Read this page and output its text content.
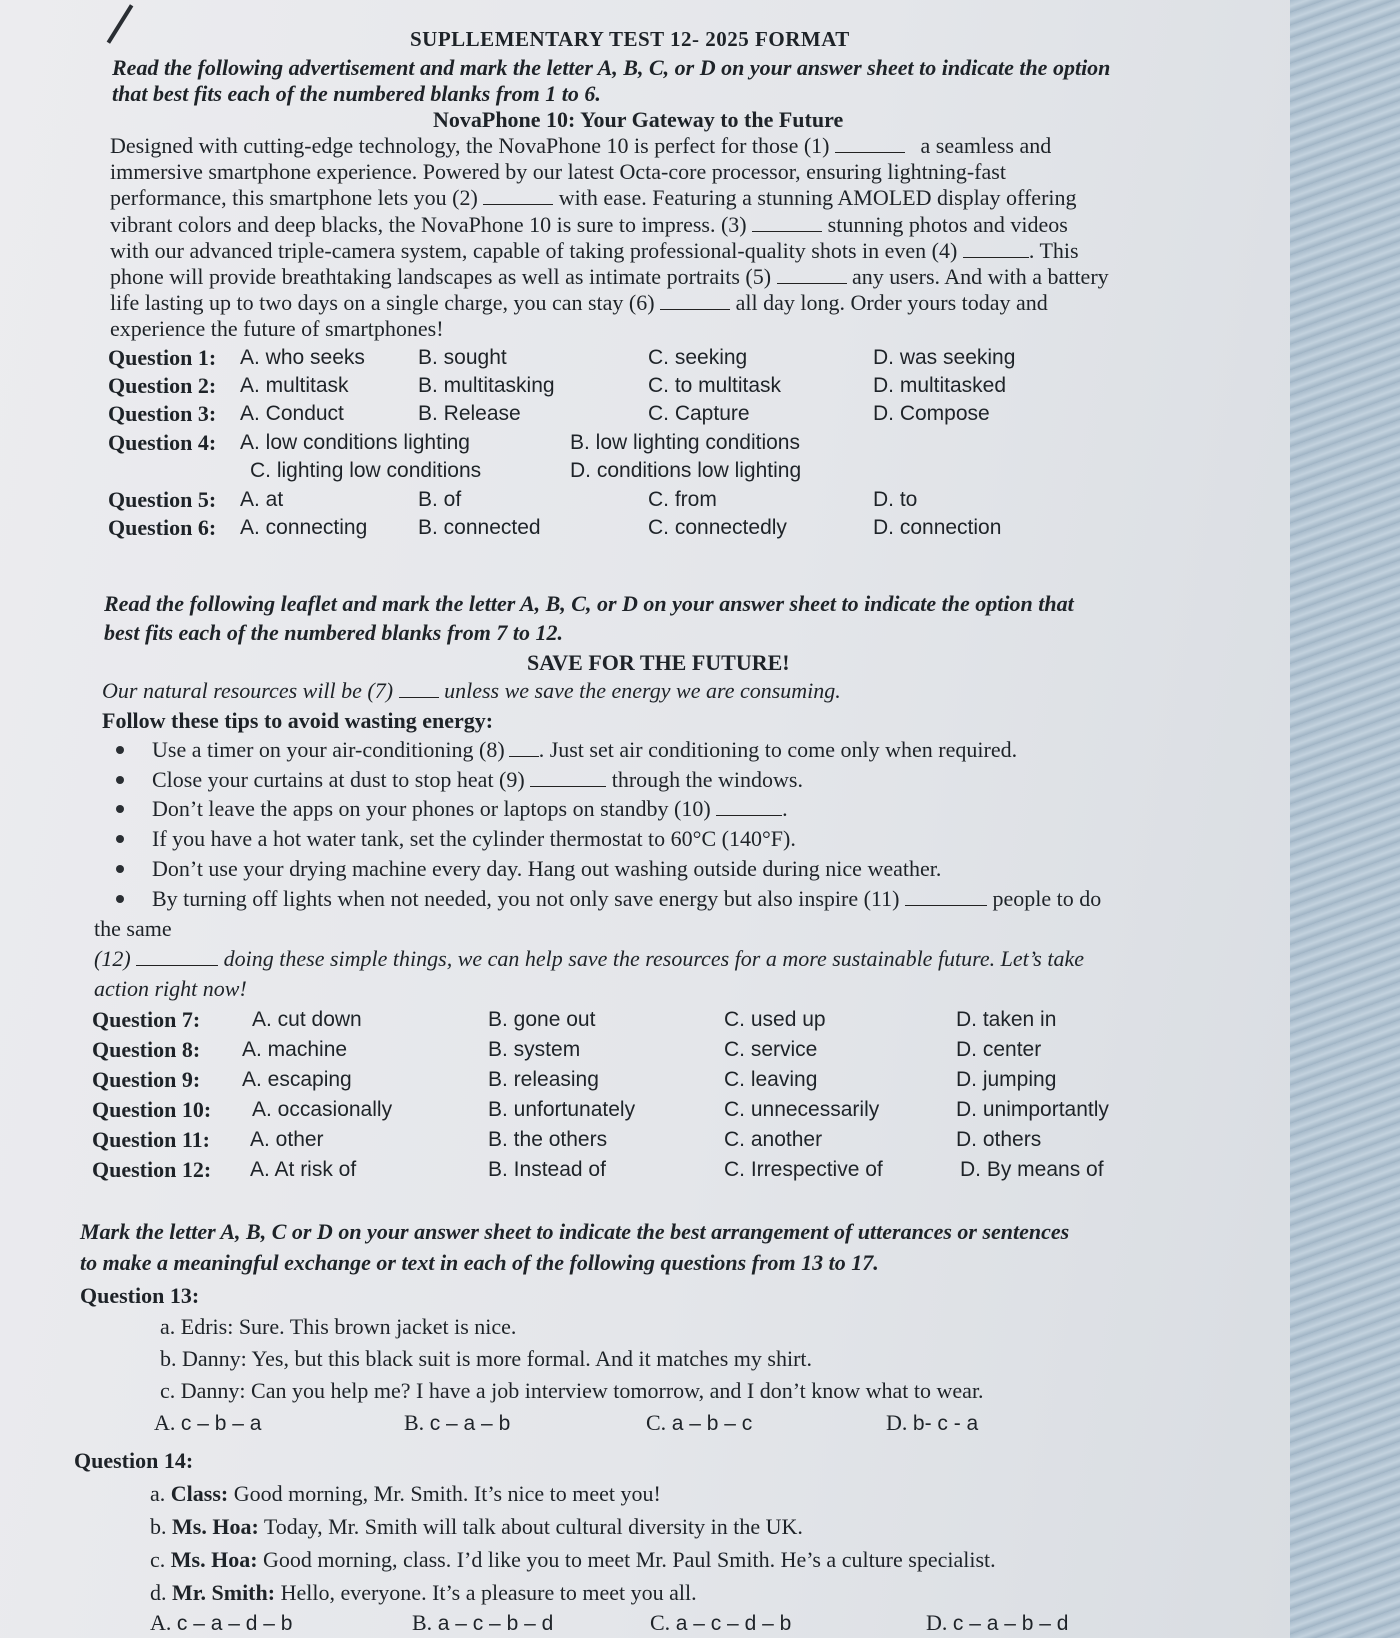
SUPLLEMENTARY TEST 12- 2025 FORMAT
Read the following advertisement and mark the letter A, B, C, or D on your answer sheet to indicate the option
that best fits each of the numbered blanks from 1 to 6.
NovaPhone 10: Your Gateway to the Future
Designed with cutting-edge technology, the NovaPhone 10 is perfect for those (1)	a seamless and
immersive smartphone experience. Powered by our latest Octa-core processor, ensuring lightning-fast
performance, this smartphone lets you (2)	with ease. Featuring a stunning AMOLED display offering
vibrant colors and deep blacks, the NovaPhone 10 is sure to impress. (3)	stunning photos and videos
with our advanced triple-camera system, capable of taking professional-quality shots in even (4)	. This
phone will provide breathtaking landscapes as well as intimate portraits (5)	any users. And with a battery
life lasting up to two days on a single charge, you can stay (6)	all day long. Order yours today and
experience the future of smartphones!
Question 1: A. who seeks	B. sought	C. seeking	D. was seeking
Question 2: A. multitask	B. multitasking	C. to multitask	D. multitasked
Question 3: A. Conduct	B. Release	C. Capture	D. Compose
Question 4: A. low conditions lighting	B. low lighting conditions
C. lighting low conditions	D. conditions low lighting
Question 5: A. at	B. of	C. from	D. to
Question 6: A. connecting B. connected	C. connectedly	D. connection
Read the following leaflet and mark the letter A, B, C, or D on your answer sheet to indicate the option that
best fits each of the numbered blanks from 7 to 12.
SAVE FOR THE FUTURE!
Our natural resources will be (7) unless we save the energy we are consuming.
Follow these tips to avoid wasting energy:
Use a timer on your air-conditioning (8) . Just set air conditioning to come only when required.
Close your curtains at dust to stop heat (9)	through the windows.
Don’t leave the apps on your phones or laptops on standby (10)	.
If you have a hot water tank, set the cylinder thermostat to 60°C (140°F).
Don’t use your drying machine every day. Hang out washing outside during nice weather.
By turning off lights when not needed, you not only save energy but also inspire (11)	people to do
the same
(12)	doing these simple things, we can help save the resources for a more sustainable future. Let’s take
action right now!
Question 7: A. cut down	B. gone out	C. used up	D. taken in
Question 8: A. machine	B. system	C. service	D. center
Question 9: A. escaping	B. releasing	C. leaving	D. jumping
Question 10: A. occasionally	B. unfortunately	C. unnecessarily	D. unimportantly
Question 11: A. other	B. the others	C. another	D. others
Question 12: A. At risk of	B. Instead of	C. Irrespective of	D. By means of
Mark the letter A, B, C or D on your answer sheet to indicate the best arrangement of utterances or sentences
to make a meaningful exchange or text in each of the following questions from 13 to 17.
Question 13:
a. Edris: Sure. This brown jacket is nice.
b. Danny: Yes, but this black suit is more formal. And it matches my shirt.
c. Danny: Can you help me? I have a job interview tomorrow, and I don’t know what to wear.
A. c – b – a	B. c – a – b	C. a – b – c	D. b- c - a
Question 14:
a. Class: Good morning, Mr. Smith. It’s nice to meet you!
b. Ms. Hoa: Today, Mr. Smith will talk about cultural diversity in the UK.
c. Ms. Hoa: Good morning, class. I’d like you to meet Mr. Paul Smith. He’s a culture specialist.
d. Mr. Smith: Hello, everyone. It’s a pleasure to meet you all.
A. c – a – d – b	B. a – c – b – d	C. a – c – d – b	D. c – a – b – d
